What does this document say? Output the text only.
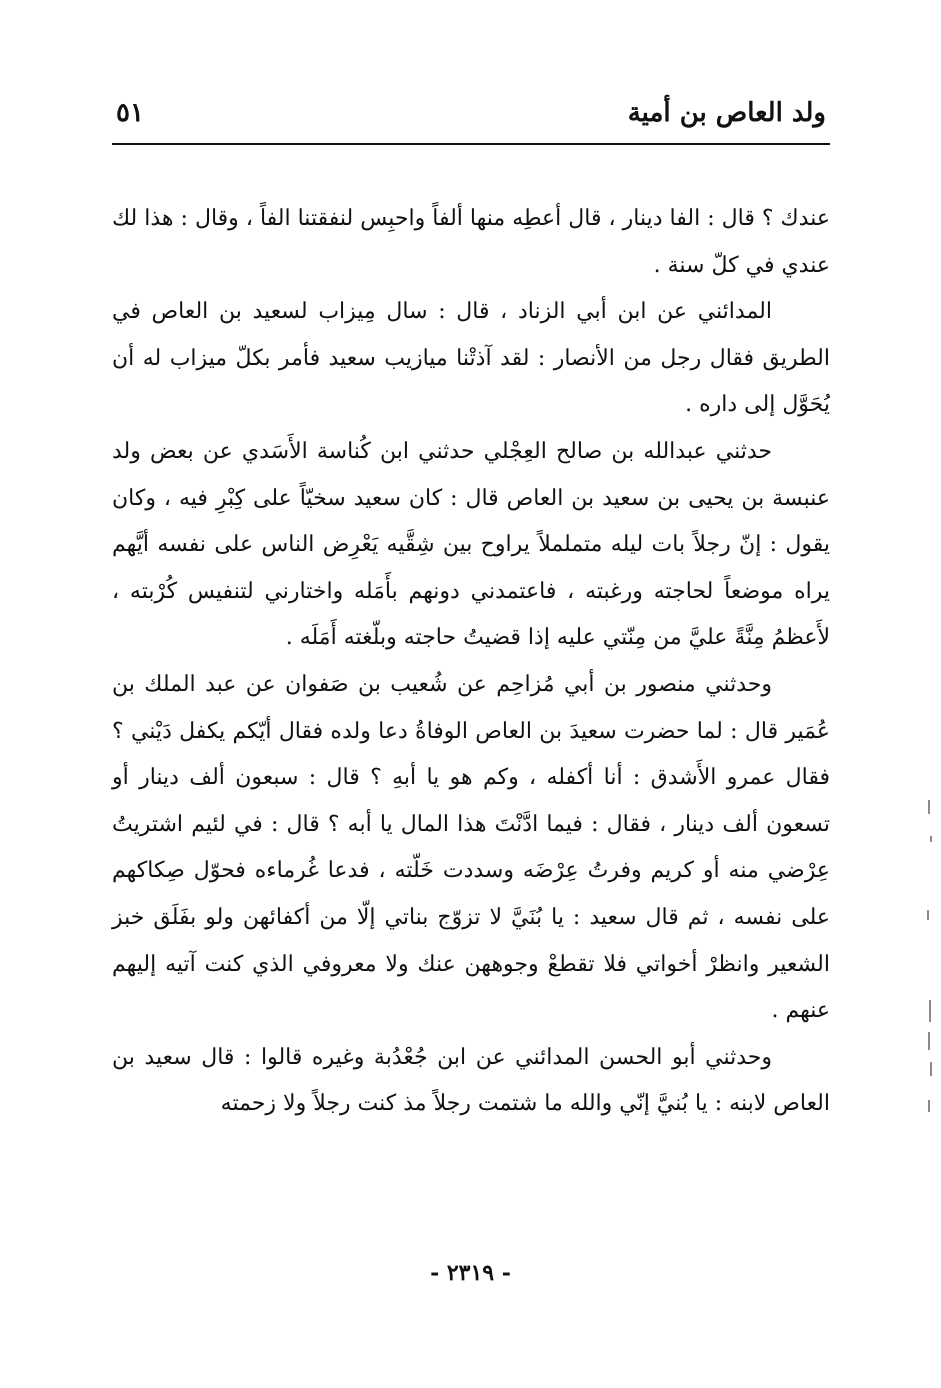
ولد العاص بن أمية
٥١

عندك ؟ قال : الفا دينار ، قال أعطِه منها ألفاً واحبِس لنفقتنا الفاً ، وقال : هذا لك عندي في كلّ سنة .

المدائني عن ابن أبي الزناد ، قال : سال مِيزاب لسعيد بن العاص في الطريق فقال رجل من الأنصار : لقد آذتْنا ميازيب سعيد فأمر بكلّ ميزاب له أن يُحَوَّل إلى داره .

حدثني عبدالله بن صالح العِجْلي حدثني ابن كُناسة الأَسَدي عن بعض ولد عنبسة بن يحيى بن سعيد بن العاص قال : كان سعيد سخيّاً على كِبْرِ فيه ، وكان يقول : إنّ رجلاً بات ليله متململاً يراوح بين شِقَّيه يَعْرِض الناس على نفسه أيَّهم يراه موضعاً لحاجته ورغبته ، فاعتمدني دونهم بأَمَله واختارني لتنفيس كُرْبته ، لأَعظمُ مِنَّةً عليَّ من مِنّتي عليه إذا قضيتُ حاجته وبلّغته أَمَلَه .

وحدثني منصور بن أبي مُزاحِم عن شُعيب بن صَفوان عن عبد الملك بن عُمَير قال : لما حضرت سعيدَ بن العاص الوفاةُ دعا ولده فقال أيّكم يكفل دَيْني ؟ فقال عمرو الأَشدق : أنا أكفله ، وكم هو يا أبهِ ؟ قال : سبعون ألف دينار أو تسعون ألف دينار ، فقال : فيما ادَّنْتَ هذا المال يا أبه ؟ قال : في لئيم اشتريتُ عِرْضي منه أو كريم وفرتُ عِرْضَه وسددت خَلّته ، فدعا غُرماءه فحوّل صِكاكهم على نفسه ، ثم قال سعيد : يا بُنَيَّ لا تزوّج بناتي إلّا من أكفائهن ولو بفَلَق خبز الشعير وانظرْ أخواتي فلا تقطعْ وجوههن عنك ولا معروفي الذي كنت آتيه إليهم عنهم .

وحدثني أبو الحسن المدائني عن ابن جُعْدُبة وغيره قالوا : قال سعيد بن العاص لابنه : يا بُنيَّ إنّي والله ما شتمت رجلاً مذ كنت رجلاً ولا زحمته

- ٢٣١٩ -
